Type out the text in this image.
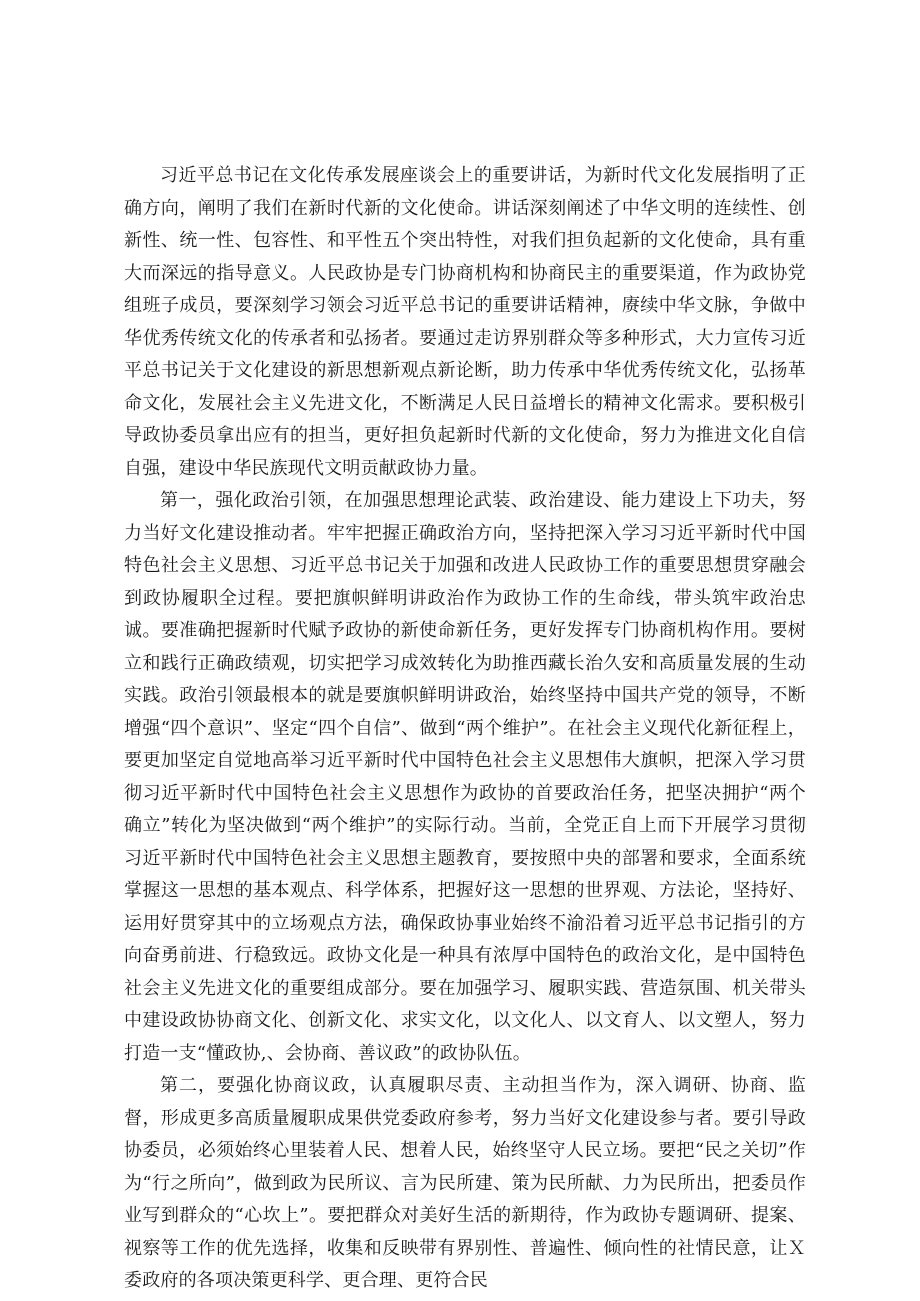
习近平总书记在文化传承发展座谈会上的重要讲话，为新时代文化发展指明了正确方向，阐明了我们在新时代新的文化使命。讲话深刻阐述了中华文明的连续性、创新性、统一性、包容性、和平性五个突出特性，对我们担负起新的文化使命，具有重大而深远的指导意义。人民政协是专门协商机构和协商民主的重要渠道，作为政协党组班子成员，要深刻学习领会习近平总书记的重要讲话精神，赓续中华文脉，争做中华优秀传统文化的传承者和弘扬者。要通过走访界别群众等多种形式，大力宣传习近平总书记关于文化建设的新思想新观点新论断，助力传承中华优秀传统文化，弘扬革命文化，发展社会主义先进文化，不断满足人民日益增长的精神文化需求。要积极引导政协委员拿出应有的担当，更好担负起新时代新的文化使命，努力为推进文化自信自强，建设中华民族现代文明贡献政协力量。

第一，强化政治引领，在加强思想理论武装、政治建设、能力建设上下功夫，努力当好文化建设推动者。牢牢把握正确政治方向，坚持把深入学习习近平新时代中国特色社会主义思想、习近平总书记关于加强和改进人民政协工作的重要思想贯穿融会到政协履职全过程。要把旗帜鲜明讲政治作为政协工作的生命线，带头筑牢政治忠诚。要准确把握新时代赋予政协的新使命新任务，更好发挥专门协商机构作用。要树立和践行正确政绩观，切实把学习成效转化为助推西藏长治久安和高质量发展的生动实践。政治引领最根本的就是要旗帜鲜明讲政治，始终坚持中国共产党的领导，不断增强“四个意识”、坚定“四个自信”、做到“两个维护”。在社会主义现代化新征程上，要更加坚定自觉地高举习近平新时代中国特色社会主义思想伟大旗帜，把深入学习贯彻习近平新时代中国特色社会主义思想作为政协的首要政治任务，把坚决拥护“两个确立”转化为坚决做到“两个维护”的实际行动。当前，全党正自上而下开展学习贯彻习近平新时代中国特色社会主义思想主题教育，要按照中央的部署和要求，全面系统掌握这一思想的基本观点、科学体系，把握好这一思想的世界观、方法论，坚持好、运用好贯穿其中的立场观点方法，确保政协事业始终不渝沿着习近平总书记指引的方向奋勇前进、行稳致远。政协文化是一种具有浓厚中国特色的政治文化，是中国特色社会主义先进文化的重要组成部分。要在加强学习、履职实践、营造氛围、机关带头中建设政协协商文化、创新文化、求实文化，以文化人、以文育人、以文塑人，努力打造一支“懂政协,、会协商、善议政”的政协队伍。

第二，要强化协商议政，认真履职尽责、主动担当作为，深入调研、协商、监督，形成更多高质量履职成果供党委政府参考，努力当好文化建设参与者。要引导政协委员，必须始终心里装着人民、想着人民，始终坚守人民立场。要把“民之关切”作为“行之所向”，做到政为民所议、言为民所建、策为民所献、力为民所出，把委员作业写到群众的“心坎上”。要把群众对美好生活的新期待，作为政协专题调研、提案、视察等工作的优先选择，收集和反映带有界别性、普遍性、倾向性的社情民意，让Ｘ委政府的各项决策更科学、更合理、更符合民
